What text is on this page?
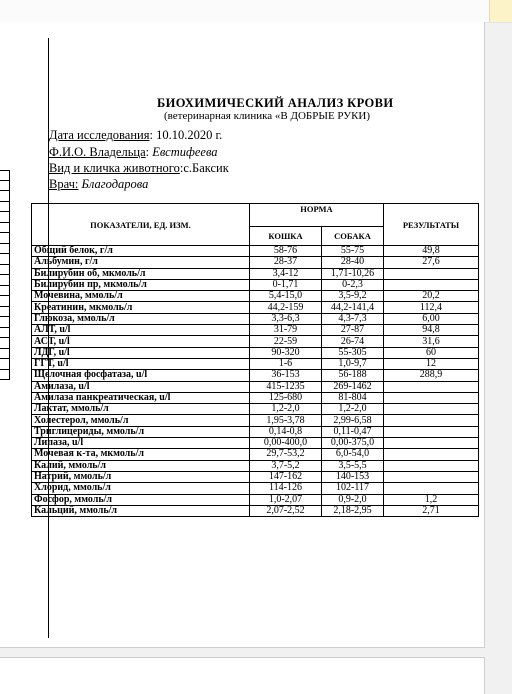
БИОХИМИЧЕСКИЙ АНАЛИЗ КРОВИ
(ветеринарная клиника «В ДОБРЫЕ РУКИ)
Дата исследования: 10.10.2020 г.
Ф.И.О. Владельца: Евстифеева
Вид и кличка животного:с.Баксик
Врач: Благодарова
ПОКАЗАТЕЛИ, ЕД. ИЗМ.	НОРМА		РЕЗУЛЬТАТЫ
	КОШКА	СОБАКА	
Общий белок, г/л	58-76	55-75	49,8
Альбумин, г/л	28-37	28-40	27,6
Билирубин об, мкмоль/л	3,4-12	1,71-10,26	
Билирубин пр, мкмоль/л	0-1,71	0-2,3	
Мочевина, ммоль/л	5,4-15,0	3,5-9,2	20,2
Креатинин, мкмоль/л	44,2-159	44,2-141,4	112,4
Глюкоза, ммоль/л	3,3-6,3	4,3-7,3	6,00
АЛТ, u/l	31-79	27-87	94,8
АСТ, u/l	22-59	26-74	31,6
ЛДГ, u/l	90-320	55-305	60
ГГТ, u/l	1-6	1,0-9,7	12
Щелочная фосфатаза, u/l	36-153	56-188	288,9
Амилаза, u/l	415-1235	269-1462	
Амилаза панкреатическая, u/l	125-680	81-804	
Лактат, ммоль/л	1,2-2,0	1,2-2,0	
Холестерол, ммоль/л	1,95-3,78	2,99-6,58	
Триглицериды, ммоль/л	0,14-0,8	0,11-0,47	
Липаза, u/l	0,00-400,0	0,00-375,0	
Мочевая к-та, мкмоль/л	29,7-53,2	6,0-54,0	
Калий, ммоль/л	3,7-5,2	3,5-5,5	
Натрий, ммоль/л	147-162	140-153	
Хлорид, ммоль/л	114-126	102-117	
Фосфор, ммоль/л	1,0-2,07	0,9-2,0	1,2
Кальций, ммоль/л	2,07-2,52	2,18-2,95	2,71
